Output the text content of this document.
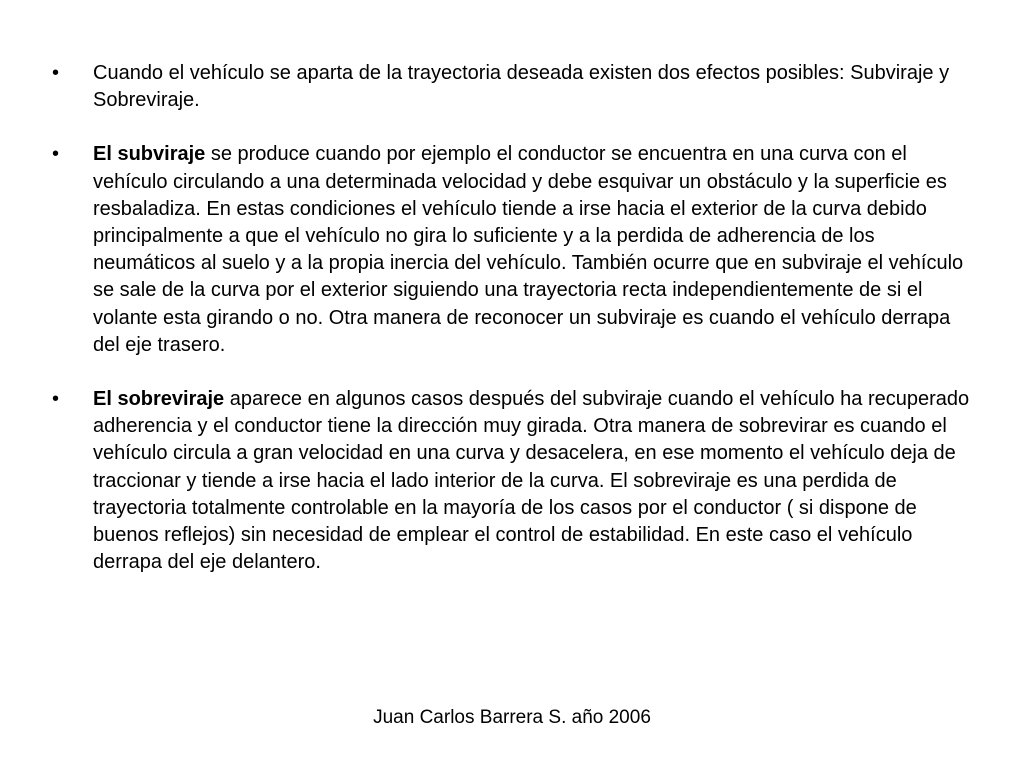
•	Cuando el vehículo se aparta de la trayectoria deseada existen dos efectos posibles: Subviraje y Sobreviraje.
•	El subviraje se produce cuando por ejemplo el conductor se encuentra en una curva con el vehículo circulando a una determinada velocidad y debe esquivar un obstáculo y la superficie es resbaladiza. En estas condiciones el vehículo tiende a irse hacia el exterior de la curva debido principalmente a que el vehículo no gira lo suficiente y a la perdida de adherencia de los neumáticos al suelo y a la propia inercia del vehículo. También ocurre que en subviraje el vehículo se sale de la curva por el exterior siguiendo una trayectoria recta independientemente de si el volante esta girando o no. Otra manera de reconocer un subviraje es cuando el vehículo derrapa del eje trasero.
•	El sobreviraje aparece en algunos casos después del subviraje cuando el vehículo ha recuperado adherencia y el conductor tiene la dirección muy girada. Otra manera de sobrevirar es cuando el vehículo circula a gran velocidad en una curva y desacelera, en ese momento el vehículo deja de traccionar y tiende a irse hacia el lado interior de la curva. El sobreviraje es una perdida de trayectoria totalmente controlable en la mayoría de los casos por el conductor ( si dispone de buenos reflejos) sin necesidad de emplear el control de estabilidad. En este caso el vehículo derrapa del eje delantero.
Juan Carlos Barrera S. año 2006
